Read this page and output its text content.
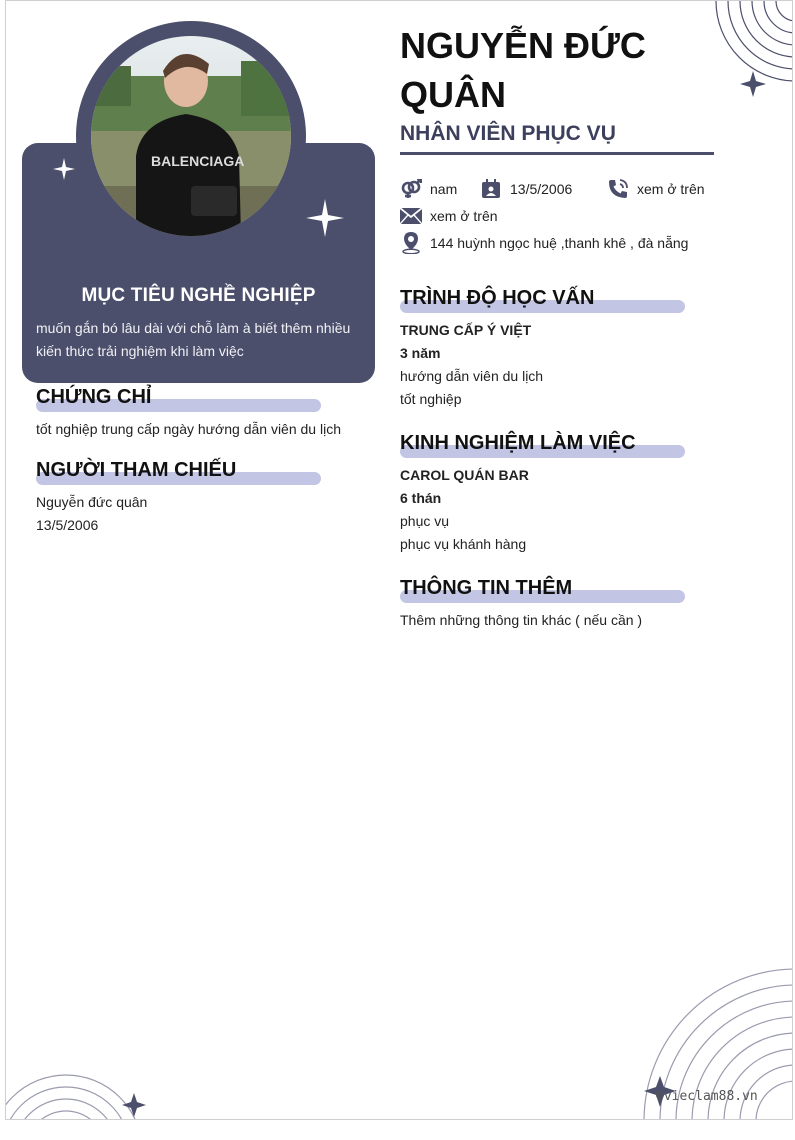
BALENCIAGA
MỤC TIÊU NGHỀ NGHIỆP
muốn gắn bó lâu dài với chỗ làm à biết thêm nhiều
kiến thức trải nghiệm khi làm việc
CHỨNG CHỈ
tốt nghiệp trung cấp ngày hướng dẫn viên du lịch
NGƯỜI THAM CHIẾU
Nguyễn đức quân
13/5/2006
NGUYỄN ĐỨC
QUÂN
NHÂN VIÊN PHỤC VỤ
nam	13/5/2006	xem ở trên
xem ở trên
144 huỳnh ngọc huệ ,thanh khê , đà nẵng
TRÌNH ĐỘ HỌC VẤN
TRUNG CẤP Ý VIỆT
3 năm
hướng dẫn viên du lịch
tốt nghiệp
KINH NGHIỆM LÀM VIỆC
CAROL QUÁN BAR
6 thán
phục vụ
phục vụ khánh hàng
THÔNG TIN THÊM
Thêm những thông tin khác ( nếu cần )
©vieclam88.vn
